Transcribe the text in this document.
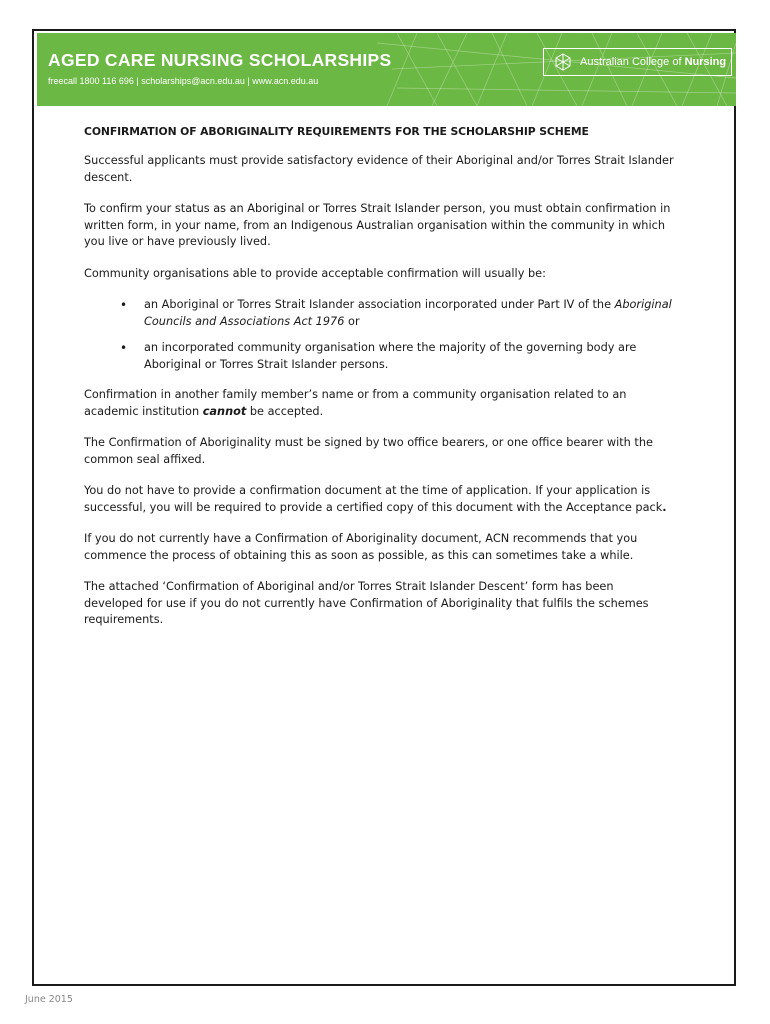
AGED CARE NURSING SCHOLARSHIPS
freecall 1800 116 696 | scholarships@acn.edu.au | www.acn.edu.au
Australian College of Nursing
CONFIRMATION OF ABORIGINALITY REQUIREMENTS FOR THE SCHOLARSHIP SCHEME

Successful applicants must provide satisfactory evidence of their Aboriginal and/or Torres Strait Islander descent.

To confirm your status as an Aboriginal or Torres Strait Islander person, you must obtain confirmation in written form, in your name, from an Indigenous Australian organisation within the community in which you live or have previously lived.

Community organisations able to provide acceptable confirmation will usually be:

• an Aboriginal or Torres Strait Islander association incorporated under Part IV of the Aboriginal Councils and Associations Act 1976 or
• an incorporated community organisation where the majority of the governing body are Aboriginal or Torres Strait Islander persons.

Confirmation in another family member’s name or from a community organisation related to an academic institution cannot be accepted.

The Confirmation of Aboriginality must be signed by two office bearers, or one office bearer with the common seal affixed.

You do not have to provide a confirmation document at the time of application. If your application is successful, you will be required to provide a certified copy of this document with the Acceptance pack.

If you do not currently have a Confirmation of Aboriginality document, ACN recommends that you commence the process of obtaining this as soon as possible, as this can sometimes take a while.

The attached ‘Confirmation of Aboriginal and/or Torres Strait Islander Descent’ form has been developed for use if you do not currently have Confirmation of Aboriginality that fulfils the schemes requirements.

June 2015
